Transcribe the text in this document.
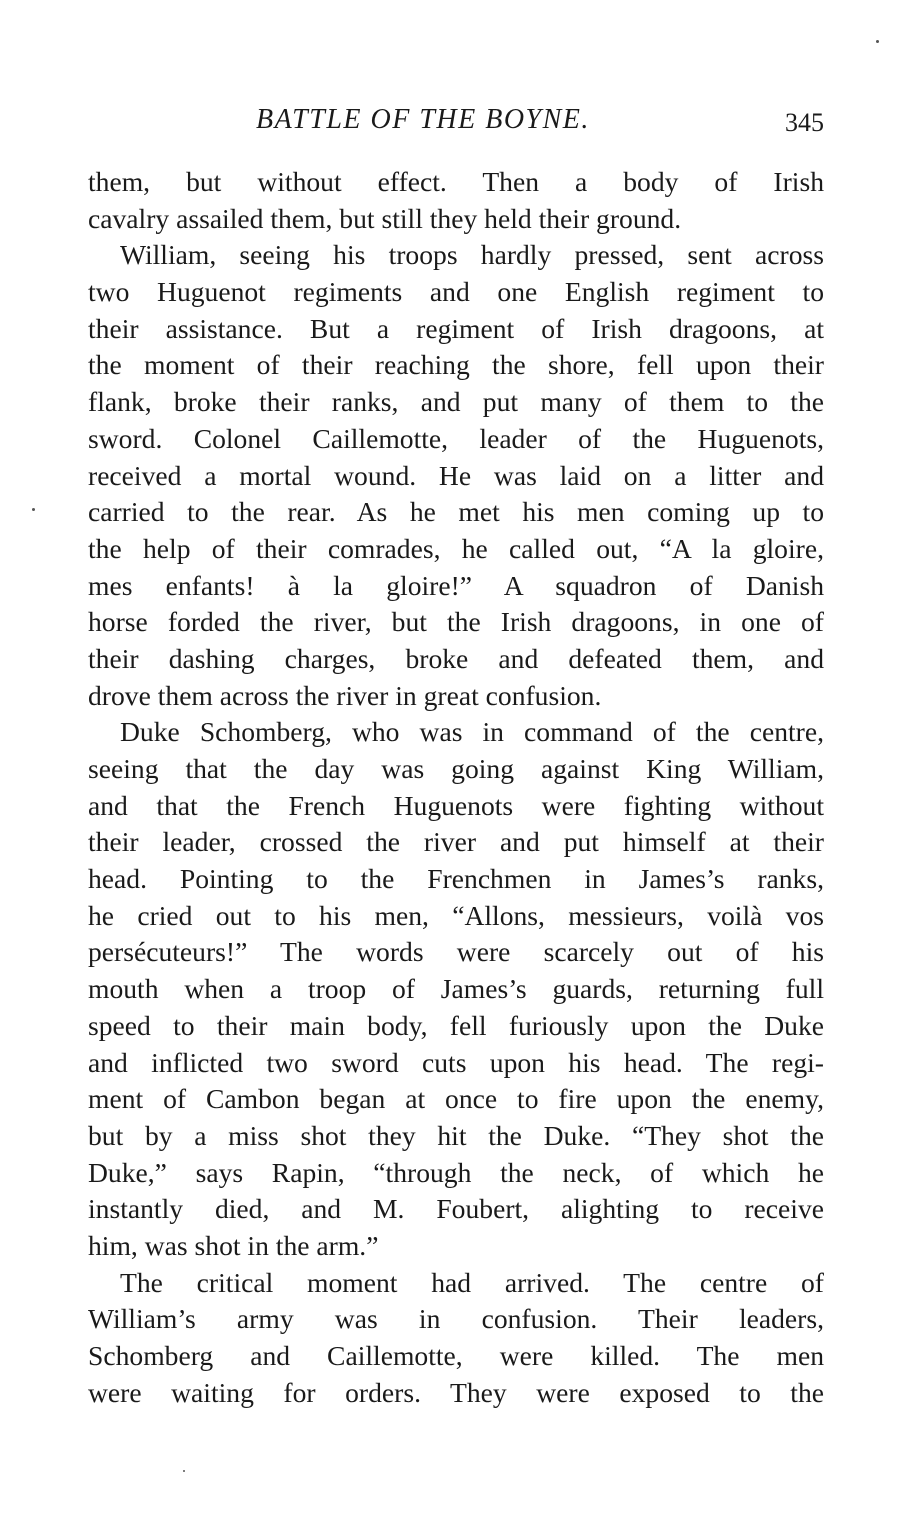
BATTLE OF THE BOYNE.	345
them, but without effect. Then a body of Irish
cavalry assailed them, but still they held their ground.
William, seeing his troops hardly pressed, sent across
two Huguenot regiments and one English regiment to
their assistance. But a regiment of Irish dragoons, at
the moment of their reaching the shore, fell upon their
flank, broke their ranks, and put many of them to the
sword. Colonel Caillemotte, leader of the Huguenots,
received a mortal wound. He was laid on a litter and
carried to the rear. As he met his men coming up to
the help of their comrades, he called out, “A la gloire,
mes enfants! à la gloire!” A squadron of Danish
horse forded the river, but the Irish dragoons, in one of
their dashing charges, broke and defeated them, and
drove them across the river in great confusion.
Duke Schomberg, who was in command of the centre,
seeing that the day was going against King William,
and that the French Huguenots were fighting without
their leader, crossed the river and put himself at their
head. Pointing to the Frenchmen in James’s ranks,
he cried out to his men, “Allons, messieurs, voilà vos
persécuteurs!” The words were scarcely out of his
mouth when a troop of James’s guards, returning full
speed to their main body, fell furiously upon the Duke
and inflicted two sword cuts upon his head. The regi-
ment of Cambon began at once to fire upon the enemy,
but by a miss shot they hit the Duke. “They shot the
Duke,” says Rapin, “through the neck, of which he
instantly died, and M. Foubert, alighting to receive
him, was shot in the arm.”
The critical moment had arrived. The centre of
William’s army was in confusion. Their leaders,
Schomberg and Caillemotte, were killed. The men
were waiting for orders. They were exposed to the
